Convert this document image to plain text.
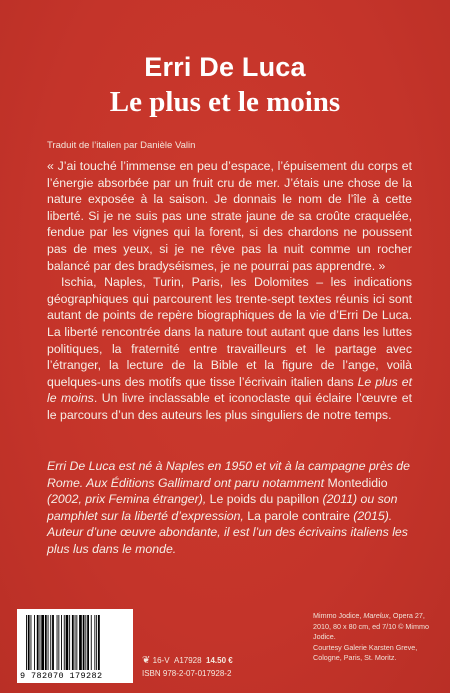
Erri De Luca
Le plus et le moins
Traduit de l’italien par Danièle Valin

« J’ai touché l’immense en peu d’espace, l’épuisement du corps et l’énergie absorbée par un fruit cru de mer. J’étais une chose de la nature exposée à la saison. Je donnais le nom de l’île à cette liberté. Si je ne suis pas une strate jaune de sa croûte craquelée, fendue par les vignes qui la forent, si des chardons ne poussent pas de mes yeux, si je ne rêve pas la nuit comme un rocher balancé par des bradyséismes, je ne pourrai pas apprendre. »

Ischia, Naples, Turin, Paris, les Dolomites – les indications géographiques qui parcourent les trente-sept textes réunis ici sont autant de points de repère biographiques de la vie d’Erri De Luca. La liberté rencontrée dans la nature tout autant que dans les luttes politiques, la fraternité entre travailleurs et le partage avec l’étranger, la lecture de la Bible et la figure de l’ange, voilà quelques-uns des motifs que tisse l’écrivain italien dans Le plus et le moins. Un livre inclassable et iconoclaste qui éclaire l’œuvre et le parcours d’un des auteurs les plus singuliers de notre temps.

Erri De Luca est né à Naples en 1950 et vit à la campagne près de Rome. Aux Éditions Gallimard ont paru notamment Montedidio (2002, prix Femina étranger), Le poids du papillon (2011) ou son pamphlet sur la liberté d’expression, La parole contraire (2015). Auteur d’une œuvre abondante, il est l’un des écrivains italiens les plus lus dans le monde.
Mimmo Jodice, Marelux, Opera 27, 2010, 80 x 80 cm, ed 7/10 © Mimmo Jodice.
Courtesy Galerie Karsten Greve, Cologne, Paris, St. Moritz.
9 782070 179282
❦ 16-V A17928 14.50 €
ISBN 978-2-07-017928-2
